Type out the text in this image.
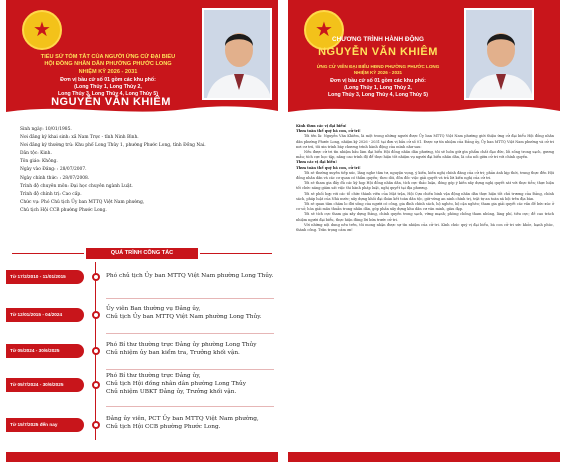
★
TIỂU SỬ TÓM TẮT CỦA NGƯỜI ỨNG CỬ ĐẠI BIỂU
HỘI ĐỒNG NHÂN DÂN PHƯỜNG PHƯỚC LONG
NHIỆM KỲ 2026 - 2031
Đơn vị bầu cử số 01 gồm các khu phố:
(Long Thủy 1, Long Thủy 2,
Long Thủy 3, Long Thủy 4, Long Thủy 5)
NGUYỄN VĂN KHIÊM
Sinh ngày: 10/01/1985.
Nơi đăng ký khai sinh: xã Nam Trực - tỉnh Ninh Bình.
Nơi đăng ký thường trú: Khu phố Long Thủy 1, phường Phước Long, tỉnh Đồng Nai.
Dân tộc: Kinh.
Tôn giáo: Không.
Ngày vào Đảng: : 28/07/2007.
Ngày chính thức: : 28/07/2008.
Trình độ chuyên môn: Đại học chuyên ngành Luật.
Trình độ chính trị: Cao cấp.
Chức vụ: Phó Chủ tịch Ủy ban MTTQ Việt Nam phường,
Chủ tịch Hội CCB phường Phước Long.
QUÁ TRÌNH CÔNG TÁC
Từ 17/2/2010 - 11/01/2015	Phó chủ tịch Ủy ban MTTQ Việt Nam phường Long Thủy.
Từ 12/01/2015 - 04/2024
Ủy viên Ban thường vụ Đảng ủy,
Chủ tịch Ủy ban MTTQ Việt Nam phường Long Thủy.
Từ 05/2024 - 30/6/2025
Phó Bí thư thường trực Đảng ủy phường Long Thủy
Chủ nhiệm ủy ban kiểm tra, Trưởng khối vận.
Từ 05/7/2024 - 30/6/2025
Phó Bí thư thường trực Đảng ủy,
Chủ tịch Hội đồng nhân dân phường Long Thủy
Chủ nhiệm UBKT Đảng ủy, Trưởng khối vận.
Từ 15/7/2025 đến nay
Đảng ủy viên, PCT Ủy ban MTTQ Việt Nam phường,
Chủ tịch Hội CCB phường Phước Long.
★ CHƯƠNG TRÌNH HÀNH ĐỘNG
NGUYỄN VĂN KHIÊM
ỨNG CỬ VIÊN ĐẠI BIỂU HĐND PHƯỜNG PHƯỚC LONG
NHIỆM KỲ 2026 - 2031
Đơn vị bầu cử số 01 gồm các khu phố:
(Long Thủy 1, Long Thủy 2,
Long Thủy 3, Long Thủy 4, Long Thủy 5)

Kính thưa các vị đại biểu!

Thưa toàn thể quý bà con, cử tri!

Tôi tên là: Nguyễn Văn Khiêm, là một trong những người được Ủy ban MTTQ Việt Nam phường giới thiệu ứng cử đại biểu Hội đồng nhân dân phường Phước Long, nhiệm kỳ 2026 - 2031 tại đơn vị bầu cử số 01. Được sự tín nhiệm của Đảng ủy, Ủy ban MTTQ Việt Nam phường và cử tri nơi cư trú, tôi xin trình bày chương trình hành động của mình như sau:

Nếu được cử tri tín nhiệm bầu làm đại biểu Hội đồng nhân dân phường, tôi sẽ luôn giữ gìn phẩm chất đạo đức, lối sống trong sạch, gương mẫu; tích cực học tập, nâng cao trình độ để thực hiện tốt nhiệm vụ người đại biểu nhân dân, là cầu nối giữa cử tri với chính quyền.

Thưa các vị đại biểu!

Thưa toàn thể quý bà con, cử tri!

Tôi sẽ thường xuyên tiếp xúc, lắng nghe tâm tư, nguyện vọng, ý kiến, kiến nghị chính đáng của cử tri; phản ánh kịp thời, trung thực đến Hội đồng nhân dân và các cơ quan có thẩm quyền; theo dõi, đôn đốc việc giải quyết và trả lời kiến nghị của cử tri.

Tôi sẽ tham gia đầy đủ các kỳ họp Hội đồng nhân dân, tích cực thảo luận, đóng góp ý kiến xây dựng nghị quyết sát với thực tiễn; thực hiện tốt chức năng giám sát việc thi hành pháp luật, nghị quyết tại địa phương.

Tôi sẽ phối hợp với các tổ chức thành viên của Mặt trận, Hội Cựu chiến binh vận động nhân dân thực hiện tốt chủ trương của Đảng, chính sách, pháp luật của Nhà nước; xây dựng khối đại đoàn kết toàn dân tộc, giữ vững an ninh chính trị, trật tự an toàn xã hội trên địa bàn.

Tôi sẽ quan tâm chăm lo đời sống của người có công, gia đình chính sách, hộ nghèo, hộ cận nghèo; tham gia giải quyết các vấn đề bức xúc ở cơ sở, hòa giải mâu thuẫn trong nhân dân, góp phần xây dựng khu dân cư văn minh, giàu đẹp.

Tôi sẽ tích cực tham gia xây dựng Đảng, chính quyền trong sạch, vững mạnh; phòng chống tham nhũng, lãng phí, tiêu cực; đề cao trách nhiệm người đại biểu, thực hiện đúng lời hứa trước cử tri.

Với những nội dung nêu trên, tôi mong nhận được sự tín nhiệm của cử tri. Kính chúc quý vị đại biểu, bà con cử tri sức khỏe, hạnh phúc, thành công. Trân trọng cảm ơn!
